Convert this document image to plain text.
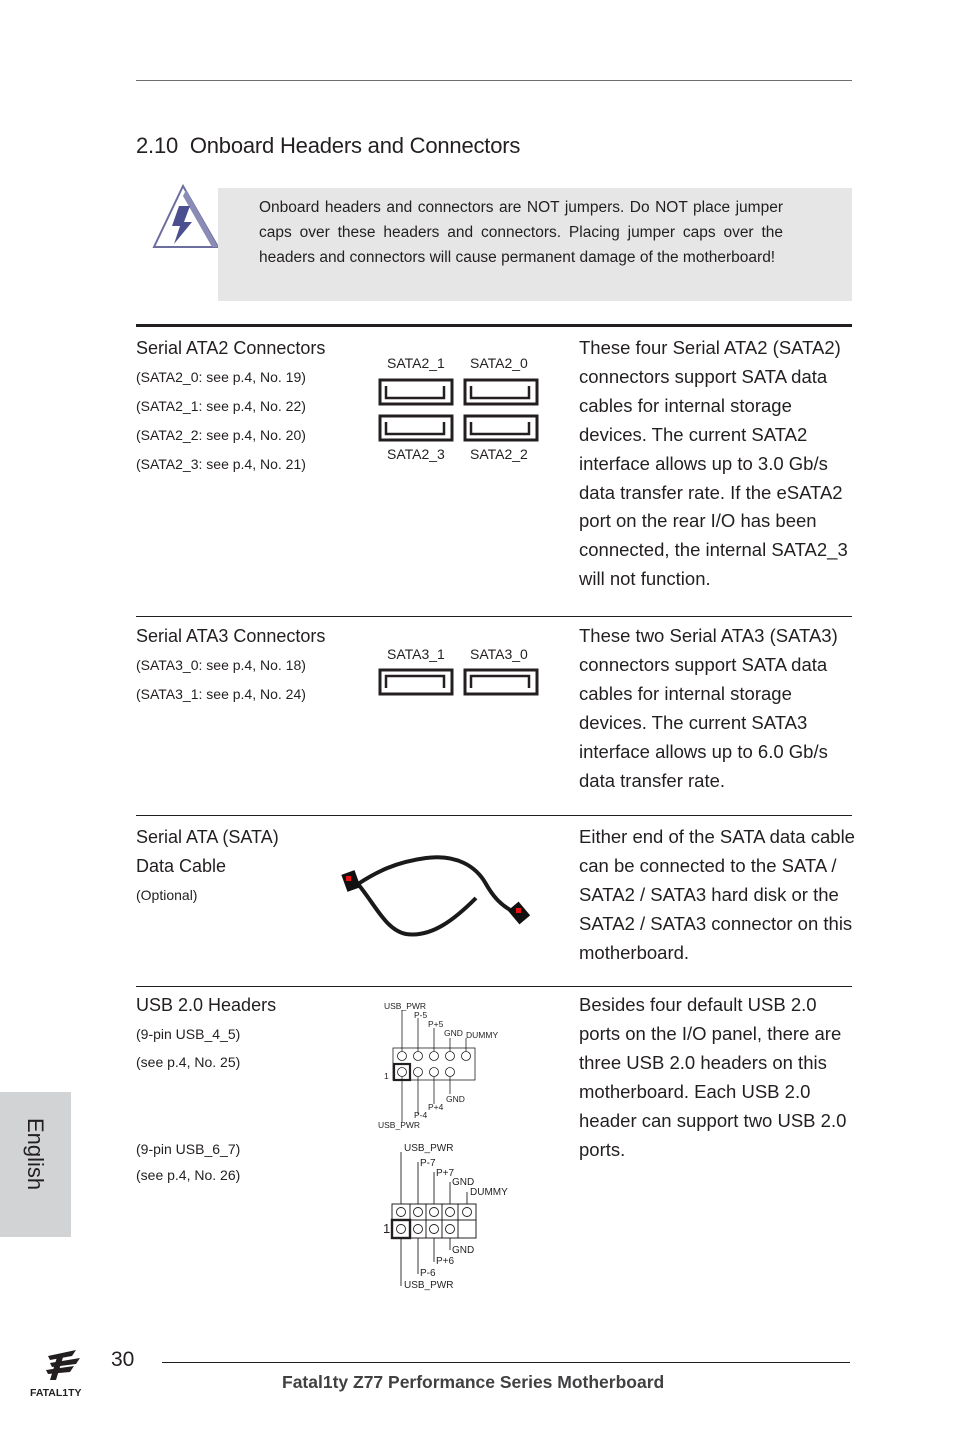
2.10 Onboard Headers and Connectors
Onboard headers and connectors are NOT jumpers. Do NOT place jumper caps over these headers and connectors. Placing jumper caps over the headers and connectors will cause permanent damage of the motherboard!
Serial ATA2 Connectors
(SATA2_0: see p.4, No. 19)
(SATA2_1: see p.4, No. 22)
(SATA2_2: see p.4, No. 20)
(SATA2_3: see p.4, No. 21)
SATA2_1 SATA2_0
SATA2_3 SATA2_2
These four Serial ATA2 (SATA2) connectors support SATA data cables for internal storage devices. The current SATA2 interface allows up to 3.0 Gb/s data transfer rate. If the eSATA2 port on the rear I/O has been connected, the internal SATA2_3 will not function.
Serial ATA3 Connectors
(SATA3_0: see p.4, No. 18)
(SATA3_1: see p.4, No. 24)
SATA3_1 SATA3_0
These two Serial ATA3 (SATA3) connectors support SATA data cables for internal storage devices. The current SATA3 interface allows up to 6.0 Gb/s data transfer rate.
Serial ATA (SATA)
Data Cable
(Optional)
Either end of the SATA data cable can be connected to the SATA / SATA2 / SATA3 hard disk or the SATA2 / SATA3 connector on this motherboard.
USB 2.0 Headers
(9-pin USB_4_5)
(see p.4, No. 25)
(9-pin USB_6_7)
(see p.4, No. 26)
USB_PWR
P-5
P+5
GND DUMMY
1
GND
P+4
P-4
USB_PWR
USB_PWR
P-7
P+7
GND
DUMMY
1
GND
P+6
P-6
USB_PWR
Besides four default USB 2.0 ports on the I/O panel, there are three USB 2.0 headers on this motherboard. Each USB 2.0 header can support two USB 2.0 ports.
English
FATAL1TY
30
Fatal1ty Z77 Performance Series Motherboard
